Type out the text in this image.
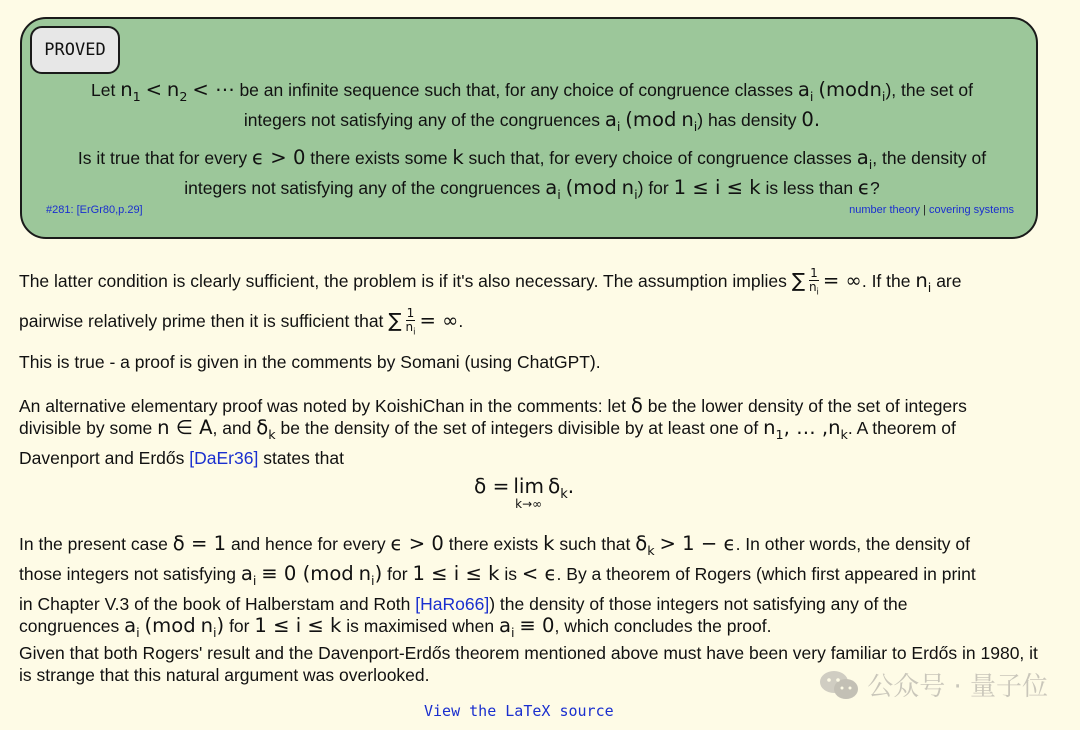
PROVED
Let $n_1 < n_2$ < ⋯ be an infinite sequence such that, for any choice of congruence classes $a_i$ (modn$_i$), the set of
integers not satisfying any of the congruences $a_i$ (mod $n_i$) has density 0.
Is it true that for every ϵ > 0 there exists some k such that, for every choice of congruence classes $a_i$, the density of
integers not satisfying any of the congruences $a_i$ (mod $n_i$) for 1 ≤ i ≤ k is less than ϵ?
#281: [ErGr80,p.29]	number theory | covering systems
The latter condition is clearly sufficient, the problem is if it's also necessary. The assumption implies ∑ $\frac{1}{n_i}$ = ∞. If the $n_i$ are
pairwise relatively prime then it is sufficient that ∑ $\frac{1}{n_i}$ = ∞.
This is true - a proof is given in the comments by Somani (using ChatGPT).
An alternative elementary proof was noted by KoishiChan in the comments: let δ be the lower density of the set of integers
divisible by some n ∈ A, and $\delta_k$ be the density of the set of integers divisible by at least one of $n_1$, … $,n_k$. A theorem of
Davenport and Erdős [DaEr36] states that
δ = lim
k→∞
$\delta_k$.
In the present case δ = 1 and hence for every ϵ > 0 there exists k such that $\delta_k > 1 - \epsilon$. In other words, the density of
those integers not satisfying $a_i \equiv 0$ (mod $n_i$) for 1 ≤ i ≤ k is < ϵ. By a theorem of Rogers (which first appeared in print
in Chapter V.3 of the book of Halberstam and Roth [HaRo66]) the density of those integers not satisfying any of the
congruences $a_i$ (mod $n_i$) for 1 ≤ i ≤ k is maximised when $a_i \equiv 0$, which concludes the proof.
Given that both Rogers' result and the Davenport-Erdős theorem mentioned above must have been very familiar to Erdős in 1980, it is strange that this natural argument was overlooked.
View the LaTeX source
公众号 · 量子位
